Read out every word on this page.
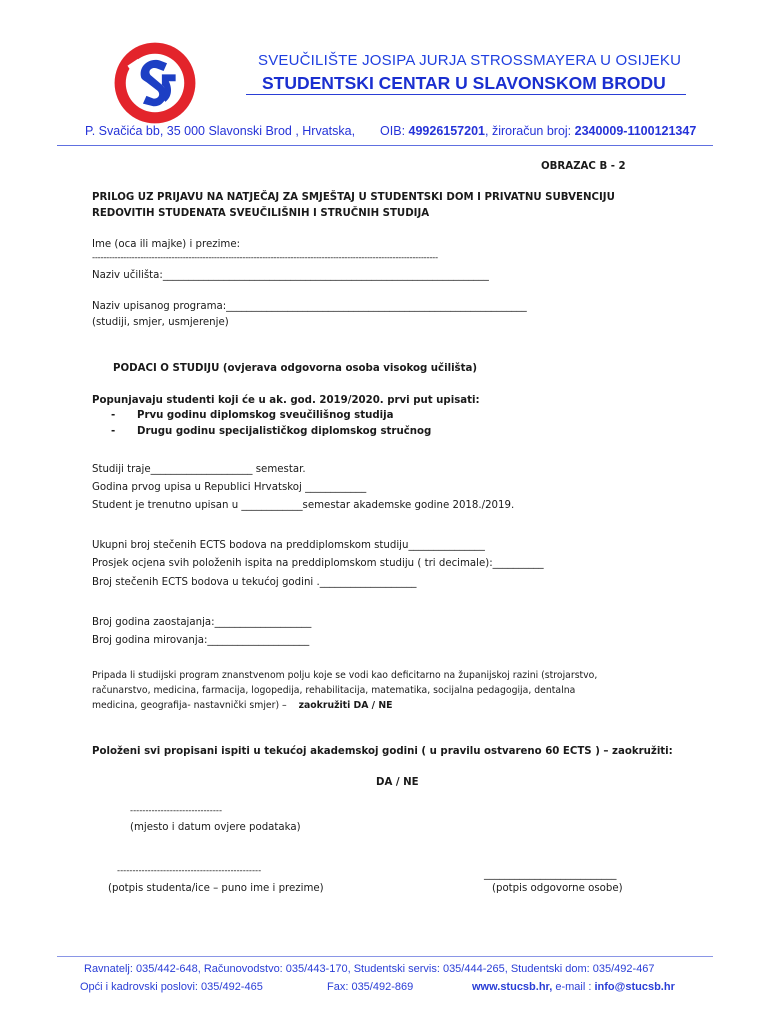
SVEUČILIŠTE JOSIPA JURJA STROSSMAYERA U OSIJEKU
STUDENTSKI CENTAR U SLAVONSKOM BRODU
P. Svačića bb, 35 000 Slavonski Brod , Hrvatska, OIB: 49926157201, žiroračun broj: 2340009-1100121347
OBRAZAC B - 2
PRILOG UZ PRIJAVU NA NATJEČAJ ZA SMJEŠTAJ U STUDENTSKI DOM I PRIVATNU SUBVENCIJU
REDOVITIH STUDENATA SVEUČILIŠNIH I STRUČNIH STUDIJA
Ime (oca ili majke) i prezime:
--------------------------------------------------------------------------------------------------------------------------
Naziv učilišta:________________________________________________________________
Naziv upisanog programa:___________________________________________________________
(studiji, smjer, usmjerenje)
PODACI O STUDIJU (ovjerava odgovorna osoba visokog učilišta)
Popunjavaju studenti koji će u ak. god. 2019/2020. prvi put upisati:
- Prvu godinu diplomskog sveučilišnog studija
- Drugu godinu specijalističkog diplomskog stručnog
Studiji traje____________________ semestar.
Godina prvog upisa u Republici Hrvatskoj ____________
Student je trenutno upisan u ____________semestar akademske godine 2018./2019.
Ukupni broj stečenih ECTS bodova na preddiplomskom studiju_______________
Prosjek ocjena svih položenih ispita na preddiplomskom studiju ( tri decimale):__________
Broj stečenih ECTS bodova u tekućoj godini .___________________
Broj godina zaostajanja:___________________
Broj godina mirovanja:____________________
Pripada li studijski program znanstvenom polju koje se vodi kao deficitarno na županijskoj razini (strojarstvo,
računarstvo, medicina, farmacija, logopedija, rehabilitacija, matematika, socijalna pedagogija, dentalna
medicina, geografija- nastavnički smjer) – zaokružiti DA / NE
Položeni svi propisani ispiti u tekućoj akademskoj godini ( u pravilu ostvareno 60 ECTS ) – zaokružiti:
DA / NE
------------------------------
(mjesto i datum ovjere podataka)
-----------------------------------------------
(potpis studenta/ice – puno ime i prezime)
__________________________
(potpis odgovorne osobe)
Ravnatelj: 035/442-648, Računovodstvo: 035/443-170, Studentski servis: 035/444-265, Studentski dom: 035/492-467
Opći i kadrovski poslovi: 035/492-465	Fax: 035/492-869	www.stucsb.hr, e-mail : info@stucsb.hr
